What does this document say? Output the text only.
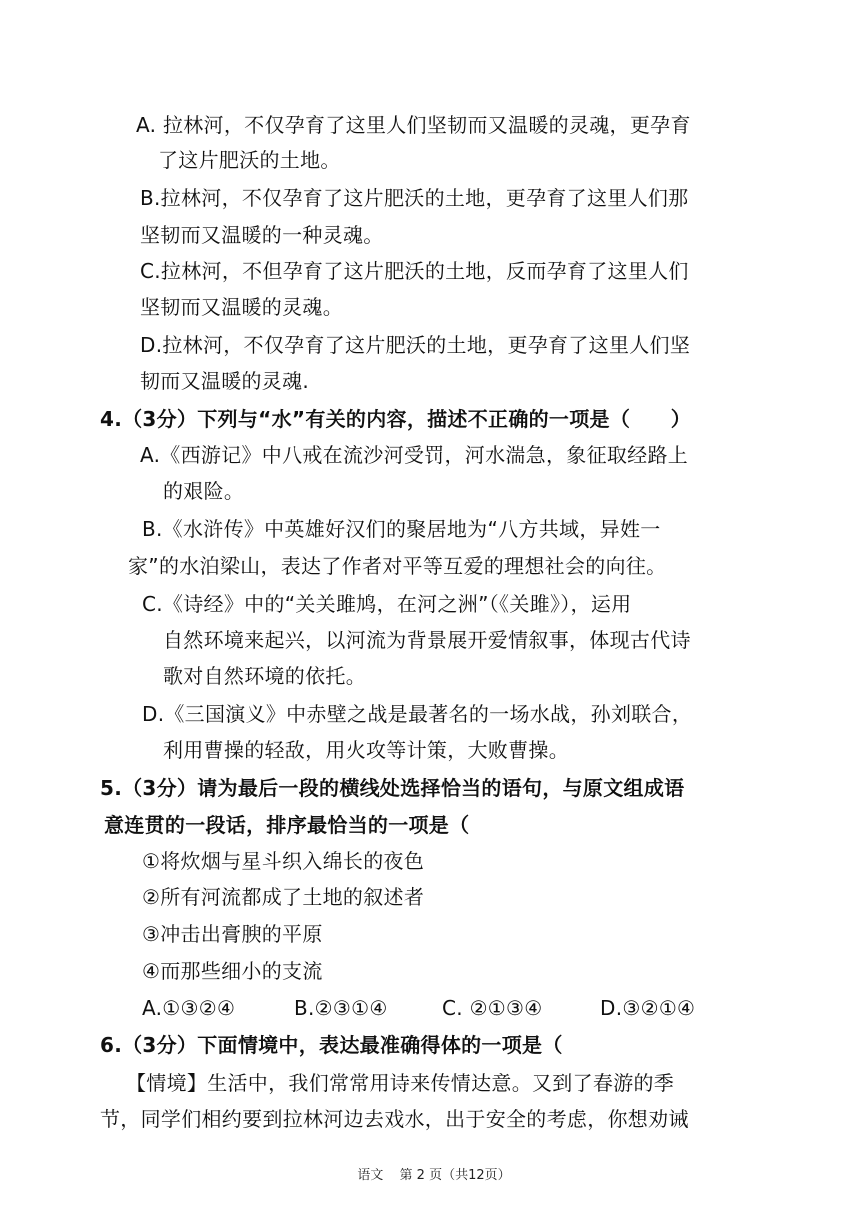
A. 拉林河，不仅孕育了这里人们坚韧而又温暖的灵魂，更孕育
了这片肥沃的土地。
B.拉林河，不仅孕育了这片肥沃的土地，更孕育了这里人们那
坚韧而又温暖的一种灵魂。
C.拉林河，不但孕育了这片肥沃的土地，反而孕育了这里人们
坚韧而又温暖的灵魂。
D.拉林河，不仅孕育了这片肥沃的土地，更孕育了这里人们坚
韧而又温暖的灵魂.
4.（3分）下列与“水”有关的内容，描述不正确的一项是（　　）
A.《西游记》中八戒在流沙河受罚，河水湍急，象征取经路上
的艰险。
B.《水浒传》中英雄好汉们的聚居地为“八方共域，异姓一
家”的水泊梁山，表达了作者对平等互爱的理想社会的向往。
C.《诗经》中的“关关雎鸠，在河之洲”（《关雎》），运用
自然环境来起兴，以河流为背景展开爱情叙事，体现古代诗
歌对自然环境的依托。
D.《三国演义》中赤壁之战是最著名的一场水战，孙刘联合，
利用曹操的轻敌，用火攻等计策，大败曹操。
5.（3分）请为最后一段的横线处选择恰当的语句，与原文组成语
意连贯的一段话，排序最恰当的一项是（
①将炊烟与星斗织入绵长的夜色
②所有河流都成了土地的叙述者
③冲击出膏腴的平原
④而那些细小的支流
A.①③②④	B.②③①④	C. ②①③④	D.③②①④
6.（3分）下面情境中，表达最准确得体的一项是（
【情境】生活中，我们常常用诗来传情达意。又到了春游的季
节，同学们相约要到拉林河边去戏水，出于安全的考虑，你想劝诫
语文 第 2 页（共12页）
